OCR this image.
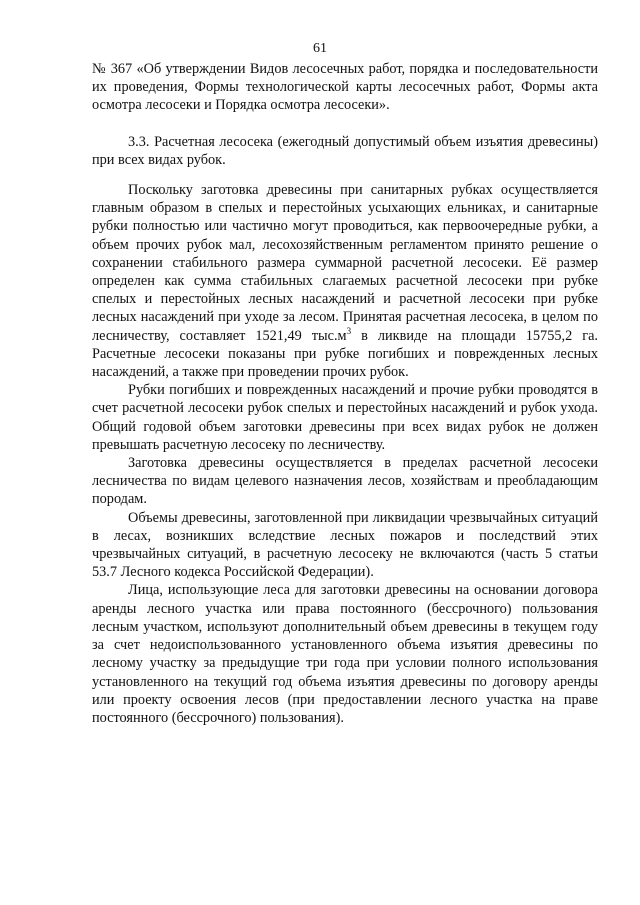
61

№ 367 «Об утверждении Видов лесосечных работ, порядка и последовательности их проведения, Формы технологической карты лесосечных работ, Формы акта осмотра лесосеки и Порядка осмотра лесосеки».

3.3. Расчетная лесосека (ежегодный допустимый объем изъятия древесины) при всех видах рубок.

Поскольку заготовка древесины при санитарных рубках осуществляется главным образом в спелых и перестойных усыхающих ельниках, и санитарные рубки полностью или частично могут проводиться, как первоочередные рубки, а объем прочих рубок мал, лесохозяйственным регламентом принято решение о сохранении стабильного размера суммарной расчетной лесосеки. Её размер определен как сумма стабильных слагаемых расчетной лесосеки при рубке спелых и перестойных лесных насаждений и расчетной лесосеки при рубке лесных насаждений при уходе за лесом. Принятая расчетная лесосека, в целом по лесничеству, составляет 1521,49 $тыс.м^3$ в ликвиде на площади 15755,2 га. Расчетные лесосеки показаны при рубке погибших и поврежденных лесных насаждений, а также при проведении прочих рубок.

Рубки погибших и поврежденных насаждений и прочие рубки проводятся в счет расчетной лесосеки рубок спелых и перестойных насаждений и рубок ухода. Общий годовой объем заготовки древесины при всех видах рубок не должен превышать расчетную лесосеку по лесничеству.

Заготовка древесины осуществляется в пределах расчетной лесосеки лесничества по видам целевого назначения лесов, хозяйствам и преобладающим породам.

Объемы древесины, заготовленной при ликвидации чрезвычайных ситуаций в лесах, возникших вследствие лесных пожаров и последствий этих чрезвычайных ситуаций, в расчетную лесосеку не включаются (часть 5 статьи 53.7 Лесного кодекса Российской Федерации).

Лица, использующие леса для заготовки древесины на основании договора аренды лесного участка или права постоянного (бессрочного) пользования лесным участком, используют дополнительный объем древесины в текущем году за счет недоиспользованного установленного объема изъятия древесины по лесному участку за предыдущие три года при условии полного использования установленного на текущий год объема изъятия древесины по договору аренды или проекту освоения лесов (при предоставлении лесного участка на праве постоянного (бессрочного) пользования).
